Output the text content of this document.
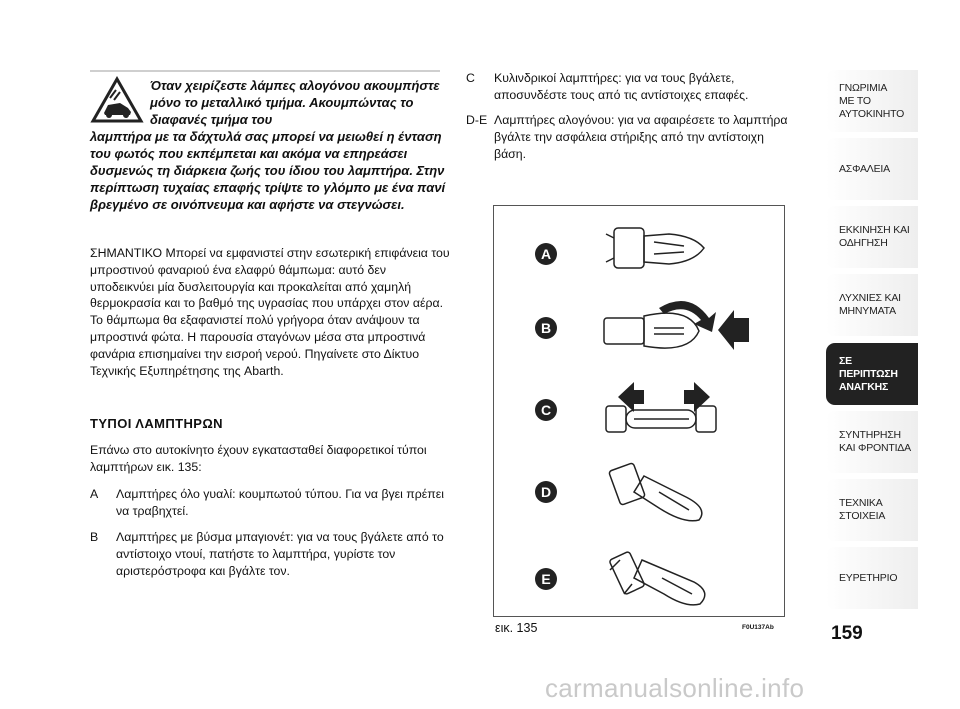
Όταν χειρίζεστε λάμπες αλογόνου ακουμπήστε μόνο το μεταλλικό τμήμα. Ακουμπώντας το διαφανές τμήμα του
λαμπτήρα με τα δάχτυλά σας μπορεί να μειωθεί η ένταση του φωτός που εκπέμπεται και ακόμα να επηρεάσει δυσμενώς τη διάρκεια ζωής του ίδιου του λαμπτήρα. Στην περίπτωση τυχαίας επαφής τρίψτε το γλόμπο με ένα πανί βρεγμένο σε οινόπνευμα και αφήστε να στεγνώσει.
ΣΗΜΑΝΤΙΚΟ Μπορεί να εμφανιστεί στην εσωτερική επιφάνεια του μπροστινού φαναριού ένα ελαφρύ θάμπωμα: αυτό δεν υποδεικνύει μία δυσλειτουργία και προκαλείται από χαμηλή θερμοκρασία και το βαθμό της υγρασίας που υπάρχει στον αέρα. Το θάμπωμα θα εξαφανιστεί πολύ γρήγορα όταν ανάψουν τα μπροστινά φώτα. Η παρουσία σταγόνων μέσα στα μπροστινά φανάρια επισημαίνει την εισροή νερού. Πηγαίνετε στο Δίκτυο Τεχνικής Εξυπηρέτησης της Abarth.
ΤΥΠΟΙ ΛΑΜΠΤΗΡΩΝ
Επάνω στο αυτοκίνητο έχουν εγκατασταθεί διαφορετικοί τύποι λαμπτήρων εικ. 135:
A Λαμπτήρες όλο γυαλί: κουμπωτού τύπου. Για να βγει πρέπει να τραβηχτεί.
B Λαμπτήρες με βύσμα μπαγιονέτ: για να τους βγάλετε από το αντίστοιχο ντουί, πατήστε το λαμπτήρα, γυρίστε τον αριστερόστροφα και βγάλτε τον.
C Κυλινδρικοί λαμπτήρες: για να τους βγάλετε, αποσυνδέστε τους από τις αντίστοιχες επαφές.
D-E Λαμπτήρες αλογόνου: για να αφαιρέσετε το λαμπτήρα βγάλτε την ασφάλεια στήριξης από την αντίστοιχη βάση.
A
B
C
D
E
εικ. 135	F0U137Ab
ΓΝΩΡΙΜΙΑ
ΜΕ ΤΟ
ΑΥΤΟΚΙΝΗΤΟ
ΑΣΦΑΛΕΙΑ
ΕΚΚΙΝΗΣΗ ΚΑΙ
ΟΔΗΓΗΣΗ
ΛΥΧΝΙΕΣ ΚΑΙ
ΜΗΝΥΜΑΤΑ
ΣΕ ΠΕΡΙΠΤΩΣΗ
ΑΝΑΓΚΗΣ
ΣΥΝΤΗΡΗΣΗ
ΚΑΙ ΦΡΟΝΤΙΔΑ
ΤΕΧΝΙΚΑ
ΣΤΟΙΧΕΙΑ
ΕΥΡΕΤΗΡΙΟ
159
carmanualsonline.info
